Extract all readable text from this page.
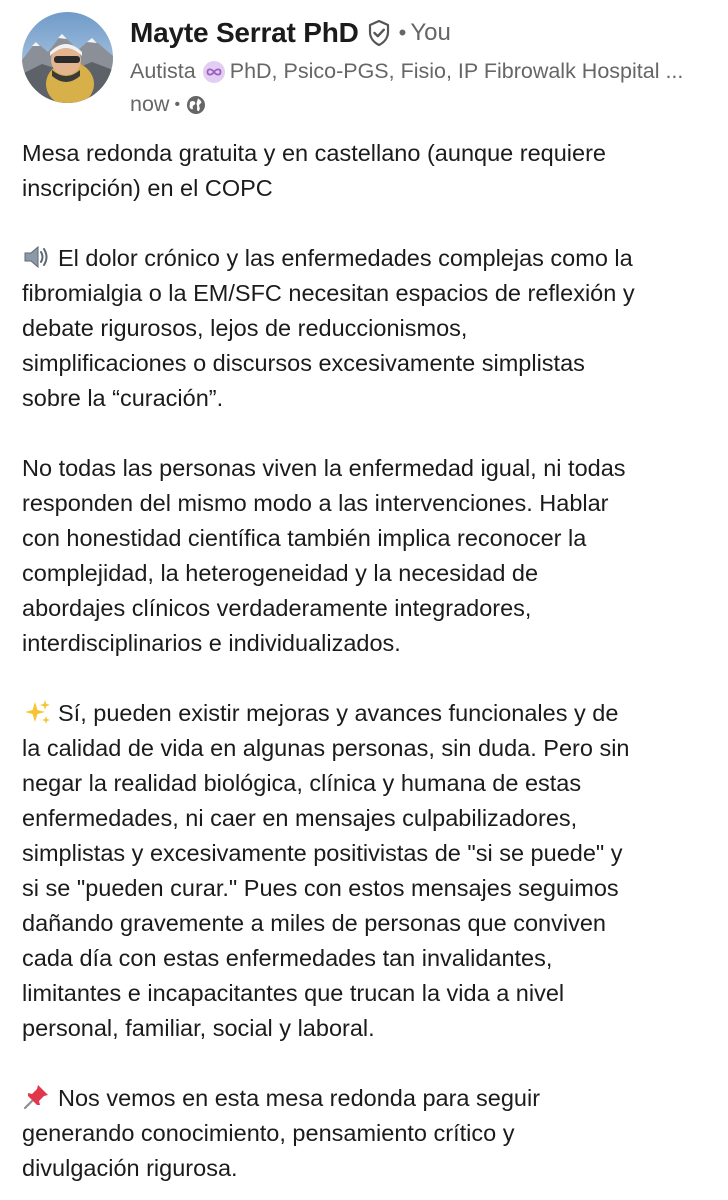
Mayte Serrat PhD • You
Autista PhD, Psico-PGS, Fisio, IP Fibrowalk Hospital ...
now •
Mesa redonda gratuita y en castellano (aunque requiere
inscripción) en el COPC
El dolor crónico y las enfermedades complejas como la
fibromialgia o la EM/SFC necesitan espacios de reflexión y
debate rigurosos, lejos de reduccionismos,
simplificaciones o discursos excesivamente simplistas
sobre la “curación”.
No todas las personas viven la enfermedad igual, ni todas
responden del mismo modo a las intervenciones. Hablar
con honestidad científica también implica reconocer la
complejidad, la heterogeneidad y la necesidad de
abordajes clínicos verdaderamente integradores,
interdisciplinarios e individualizados.
Sí, pueden existir mejoras y avances funcionales y de
la calidad de vida en algunas personas, sin duda. Pero sin
negar la realidad biológica, clínica y humana de estas
enfermedades, ni caer en mensajes culpabilizadores,
simplistas y excesivamente positivistas de "si se puede" y
si se "pueden curar." Pues con estos mensajes seguimos
dañando gravemente a miles de personas que conviven
cada día con estas enfermedades tan invalidantes,
limitantes e incapacitantes que trucan la vida a nivel
personal, familiar, social y laboral.
Nos vemos en esta mesa redonda para seguir
generando conocimiento, pensamiento crítico y
divulgación rigurosa.
